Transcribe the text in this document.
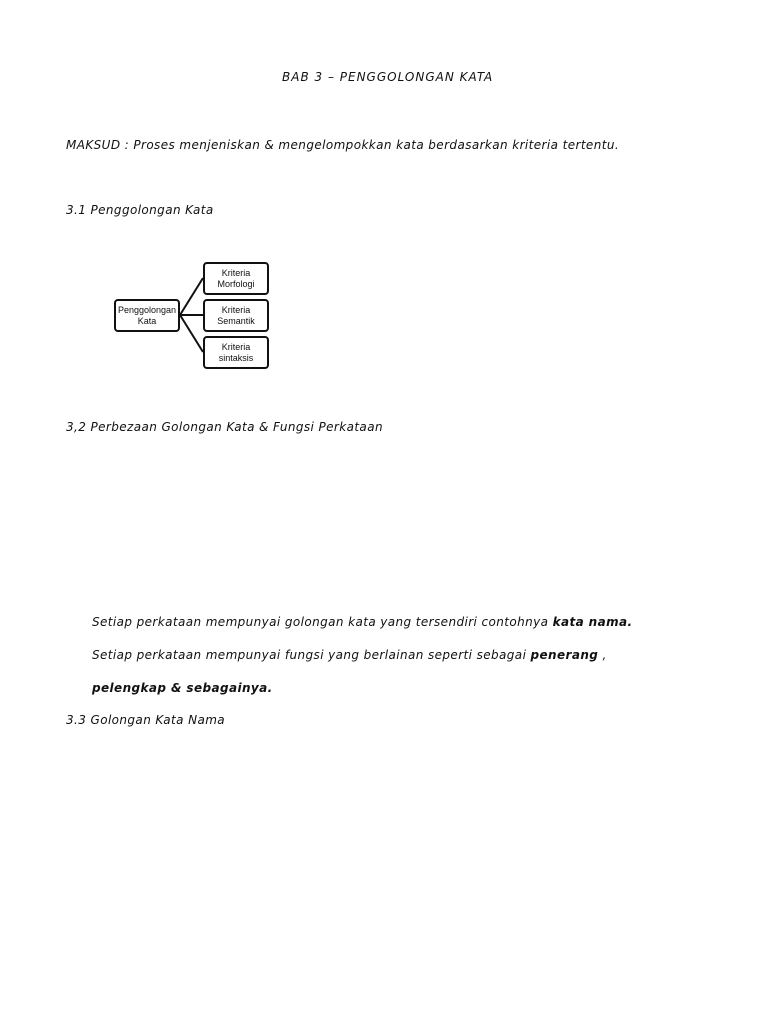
BAB 3 – PENGGOLONGAN KATA
MAKSUD : Proses menjeniskan & mengelompokkan kata berdasarkan kriteria tertentu.
3.1 Penggolongan Kata
Penggolongan Kata
Kriteria Morfologi
Kriteria Semantik
Kriteria sintaksis
3,2 Perbezaan Golongan Kata & Fungsi Perkataan
Setiap perkataan mempunyai golongan kata yang tersendiri contohnya kata nama.
Setiap perkataan mempunyai fungsi yang berlainan seperti sebagai penerang ,
pelengkap & sebagainya.
3.3 Golongan Kata Nama
